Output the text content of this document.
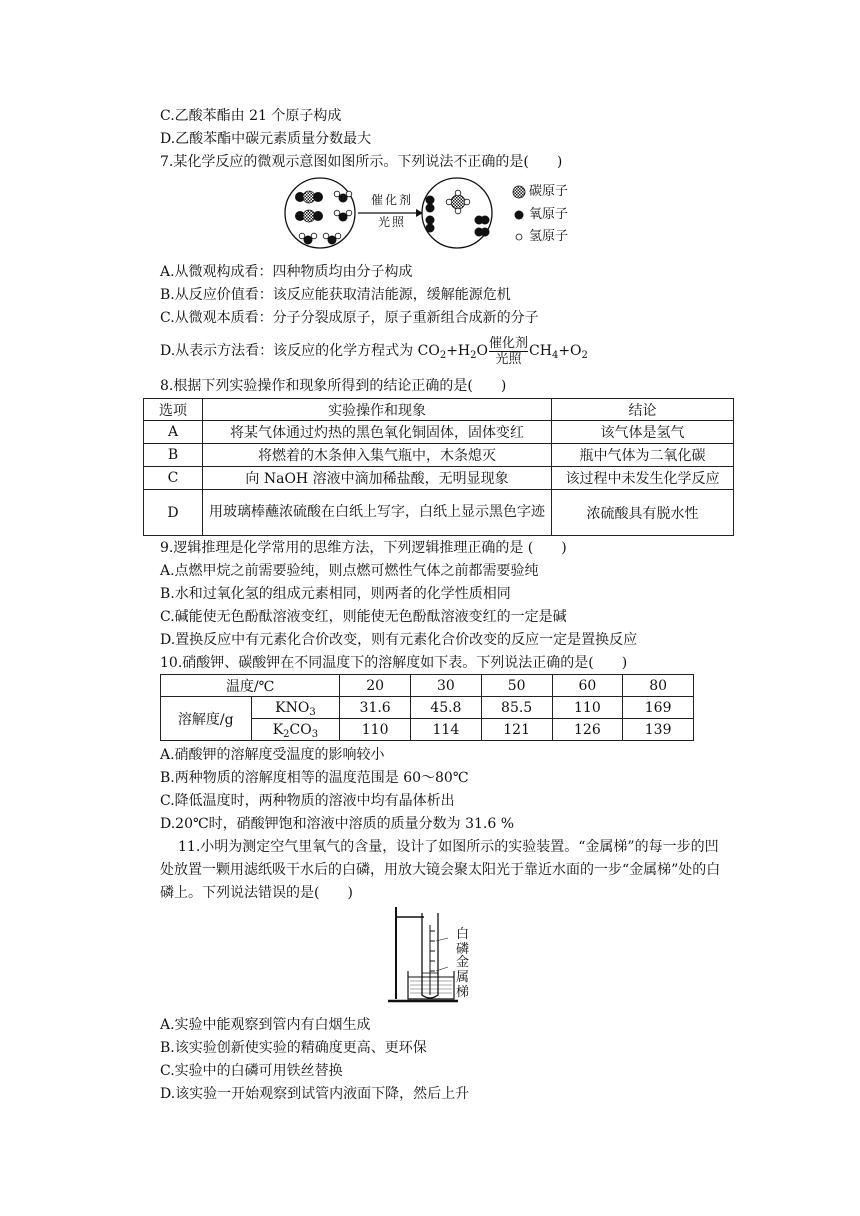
C.乙酸苯酯由 21 个原子构成
D.乙酸苯酯中碳元素质量分数最大
7.某化学反应的微观示意图如图所示。下列说法不正确的是(　　)
催化剂
光照
碳原子
氧原子
氢原子
A.从微观构成看：四种物质均由分子构成
B.从反应价值看：该反应能获取清洁能源，缓解能源危机
C.从微观本质看：分子分裂成原子，原子重新组合成新的分子
D.从表示方法看：该反应的化学方程式为 $CO_2+H_2O$ 催化剂
光照 $CH_4+O_2$
8.根据下列实验操作和现象所得到的结论正确的是(　　)
选项	实验操作和现象	结论
A	将某气体通过灼热的黑色氧化铜固体，固体变红	该气体是氢气
B	将燃着的木条伸入集气瓶中，木条熄灭	瓶中气体为二氧化碳
C	向 NaOH 溶液中滴加稀盐酸，无明显现象	该过程中未发生化学反应
D	用玻璃棒蘸浓硫酸在白纸上写字，白纸上显示黑色字迹	浓硫酸具有脱水性
9.逻辑推理是化学常用的思维方法，下列逻辑推理正确的是 (　　)
A.点燃甲烷之前需要验纯，则点燃可燃性气体之前都需要验纯
B.水和过氧化氢的组成元素相同，则两者的化学性质相同
C.碱能使无色酚酞溶液变红，则能使无色酚酞溶液变红的一定是碱
D.置换反应中有元素化合价改变，则有元素化合价改变的反应一定是置换反应
10.硝酸钾、碳酸钾在不同温度下的溶解度如下表。下列说法正确的是(　　)
温度/℃		20	30	50	60	80
溶解度/g	$KNO_3$	31.6	45.8	85.5	110	169
	$K_2CO_3$	110	114	121	126	139
A.硝酸钾的溶解度受温度的影响较小
B.两种物质的溶解度相等的温度范围是 60～80℃
C.降低温度时，两种物质的溶液中均有晶体析出
D.20℃时，硝酸钾饱和溶液中溶质的质量分数为 31.6 %
11.小明为测定空气里氧气的含量，设计了如图所示的实验装置。“金属梯”的每一步的凹
处放置一颗用滤纸吸干水后的白磷，用放大镜会聚太阳光于靠近水面的一步“金属梯”处的白
磷上。下列说法错误的是(　　)
白磷
金属梯
A.实验中能观察到管内有白烟生成
B.该实验创新使实验的精确度更高、更环保
C.实验中的白磷可用铁丝替换
D.该实验一开始观察到试管内液面下降，然后上升
